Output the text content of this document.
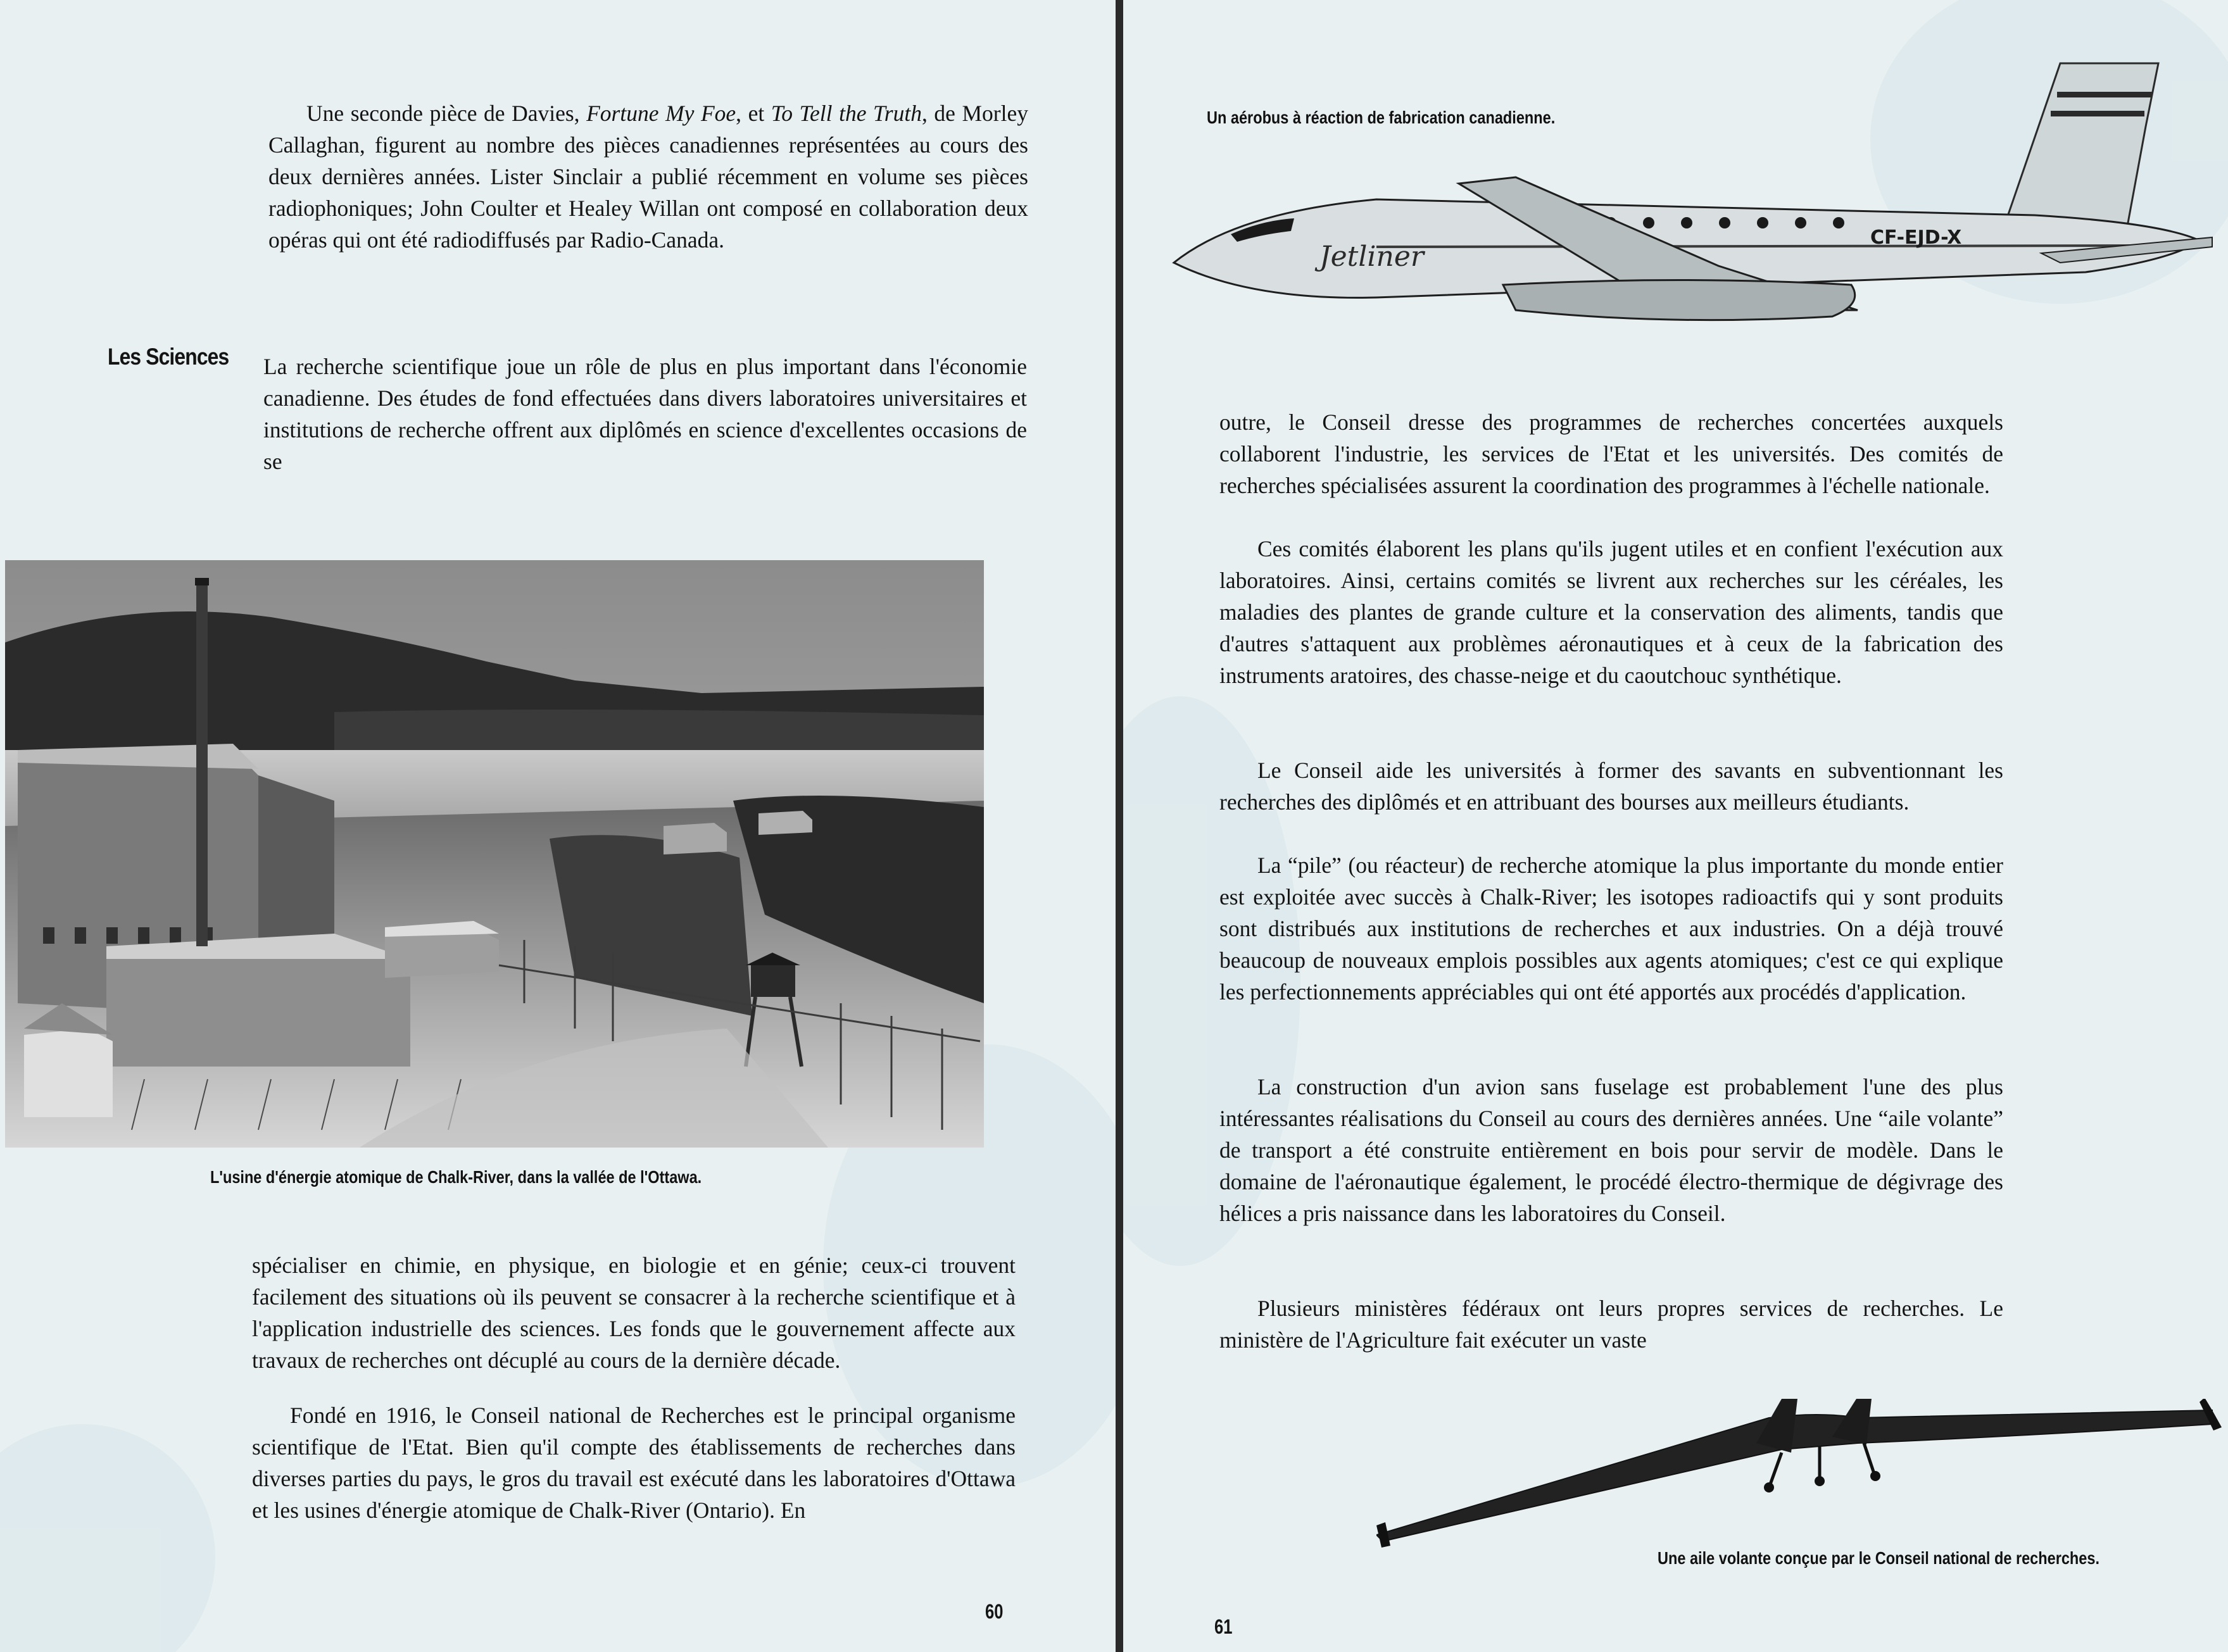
Une seconde pièce de Davies, Fortune My Foe, et To Tell the Truth, de Morley Callaghan, figurent au nombre des pièces canadiennes représentées au cours des deux dernières années. Lister Sinclair a publié récemment en volume ses pièces radiophoniques; John Coulter et Healey Willan ont composé en collaboration deux opéras qui ont été radiodiffusés par Radio-Canada.

Les Sciences La recherche scientifique joue un rôle de plus en plus important dans l'économie canadienne. Des études de fond effectuées dans divers laboratoires universitaires et institutions de recherche offrent aux diplômés en science d'excellentes occasions de se

L'usine d'énergie atomique de Chalk-River, dans la vallée de l'Ottawa.

spécialiser en chimie, en physique, en biologie et en génie; ceux-ci trouvent facilement des situations où ils peuvent se consacrer à la recherche scientifique et à l'application industrielle des sciences. Les fonds que le gouvernement affecte aux travaux de recherches ont décuplé au cours de la dernière décade.

Fondé en 1916, le Conseil national de Recherches est le principal organisme scientifique de l'Etat. Bien qu'il compte des établissements de recherches dans diverses parties du pays, le gros du travail est exécuté dans les laboratoires d'Ottawa et les usines d'énergie atomique de Chalk-River (Ontario). En

60

Un aérobus à réaction de fabrication canadienne.

Jetliner
CF-EJD-X

outre, le Conseil dresse des programmes de recherches concertées auxquels collaborent l'industrie, les services de l'Etat et les universités. Des comités de recherches spécialisées assurent la coordination des programmes à l'échelle nationale.

Ces comités élaborent les plans qu'ils jugent utiles et en confient l'exécution aux laboratoires. Ainsi, certains comités se livrent aux recherches sur les céréales, les maladies des plantes de grande culture et la conservation des aliments, tandis que d'autres s'attaquent aux problèmes aéronautiques et à ceux de la fabrication des instruments aratoires, des chasse-neige et du caoutchouc synthétique.

Le Conseil aide les universités à former des savants en subventionnant les recherches des diplômés et en attribuant des bourses aux meilleurs étudiants.

La “pile” (ou réacteur) de recherche atomique la plus importante du monde entier est exploitée avec succès à Chalk-River; les isotopes radioactifs qui y sont produits sont distribués aux institutions de recherches et aux industries. On a déjà trouvé beaucoup de nouveaux emplois possibles aux agents atomiques; c'est ce qui explique les perfectionnements appréciables qui ont été apportés aux procédés d'application.

La construction d'un avion sans fuselage est probablement l'une des plus intéressantes réalisations du Conseil au cours des dernières années. Une “aile volante” de transport a été construite entièrement en bois pour servir de modèle. Dans le domaine de l'aéronautique également, le procédé électro-thermique de dégivrage des hélices a pris naissance dans les laboratoires du Conseil.

Plusieurs ministères fédéraux ont leurs propres services de recherches. Le ministère de l'Agriculture fait exécuter un vaste

Une aile volante conçue par le Conseil national de recherches.

61
